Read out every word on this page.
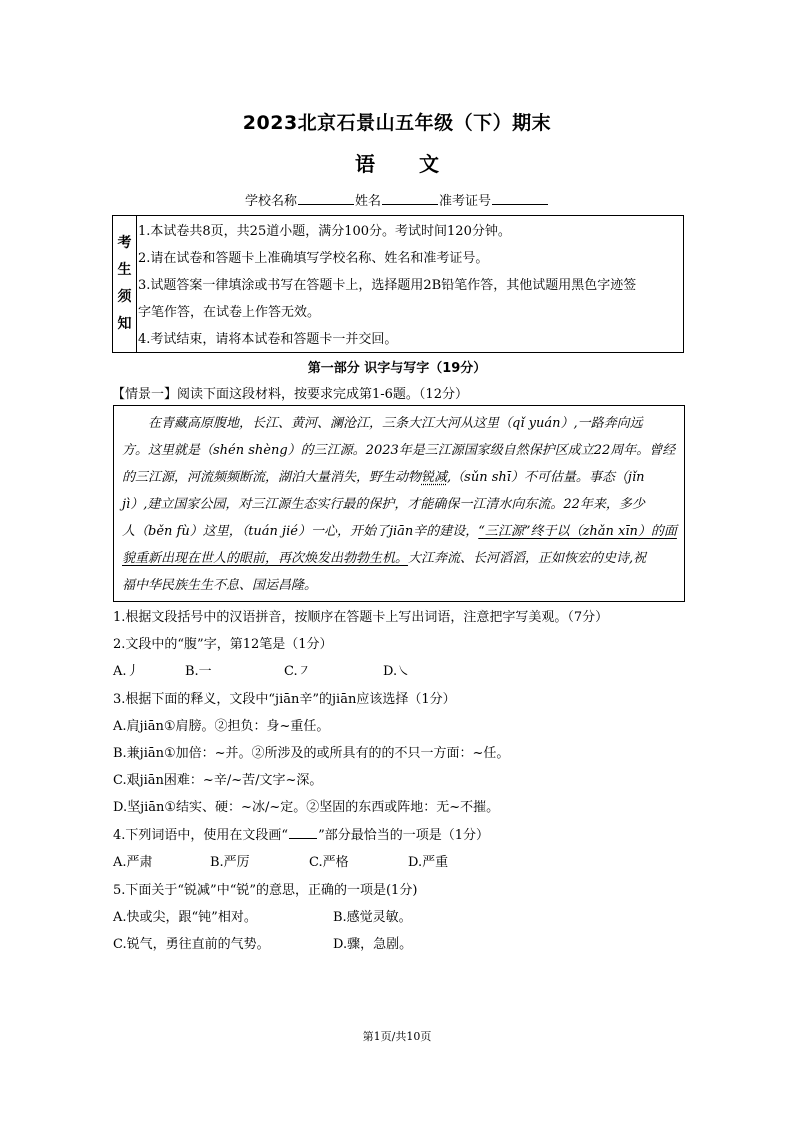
2023北京石景山五年级（下）期末
语 文
学校名称	姓名	准考证号
考
生
须
知
1.本试卷共8页，共25道小题，满分100分。考试时间120分钟。
2.请在试卷和答题卡上准确填写学校名称、姓名和准考证号。
3.试题答案一律填涂或书写在答题卡上，选择题用2B铅笔作答，其他试题用黑色字迹签
字笔作答，在试卷上作答无效。
4.考试结束，请将本试卷和答题卡一并交回。
第一部分 识字与写字（19分）
【情景一】阅读下面这段材料，按要求完成第1-6题。（12分）
在青藏高原腹地，长江、黄河、澜沧江，三条大江大河从这里（qǐ yuán）,一路奔向远
方。这里就是（shén shèng）的三江源。2023年是三江源国家级自然保护区成立22周年。曾经
的三江源，河流频频断流，湖泊大量消失，野生动物锐减,（sǔn shī）不可估量。事态（jǐn
jì）,建立国家公园，对三江源生态实行最的保护，才能确保一江清水向东流。22年来，多少
人（běn fù）这里，（tuán jié）一心，开始了jiān辛的建设，“三江源”终于以（zhǎn xīn）的面
貌重新出现在世人的眼前，再次焕发出勃勃生机。大江奔流、长河滔滔，正如恢宏的史诗,祝
福中华民族生生不息、国运昌隆。
1.根据文段括号中的汉语拼音，按顺序在答题卡上写出词语，注意把字写美观。（7分）
2.文段中的“腹”字，第12笔是（1分）
A.丿	B.一	C.㇇	D.㇏
3.根据下面的释义，文段中“jiān辛”的jiān应该选择（1分）
A.肩jiān①肩膀。②担负：身~重任。
B.兼jiān①加倍：~并。②所涉及的或所具有的的不只一方面：~任。
C.艰jiān困难：~辛/~苦/文字~深。
D.坚jiān①结实、硬：~冰/~定。②坚固的东西或阵地：无~不摧。
4.下列词语中，使用在文段画“ ”部分最恰当的一项是（1分）
A.严肃	B.严厉	C.严格	D.严重
5.下面关于“锐减”中“锐”的意思，正确的一项是(1分)
A.快或尖，跟“钝”相对。	B.感觉灵敏。
C.锐气，勇往直前的气势。	D.骤，急剧。
第1页/共10页
